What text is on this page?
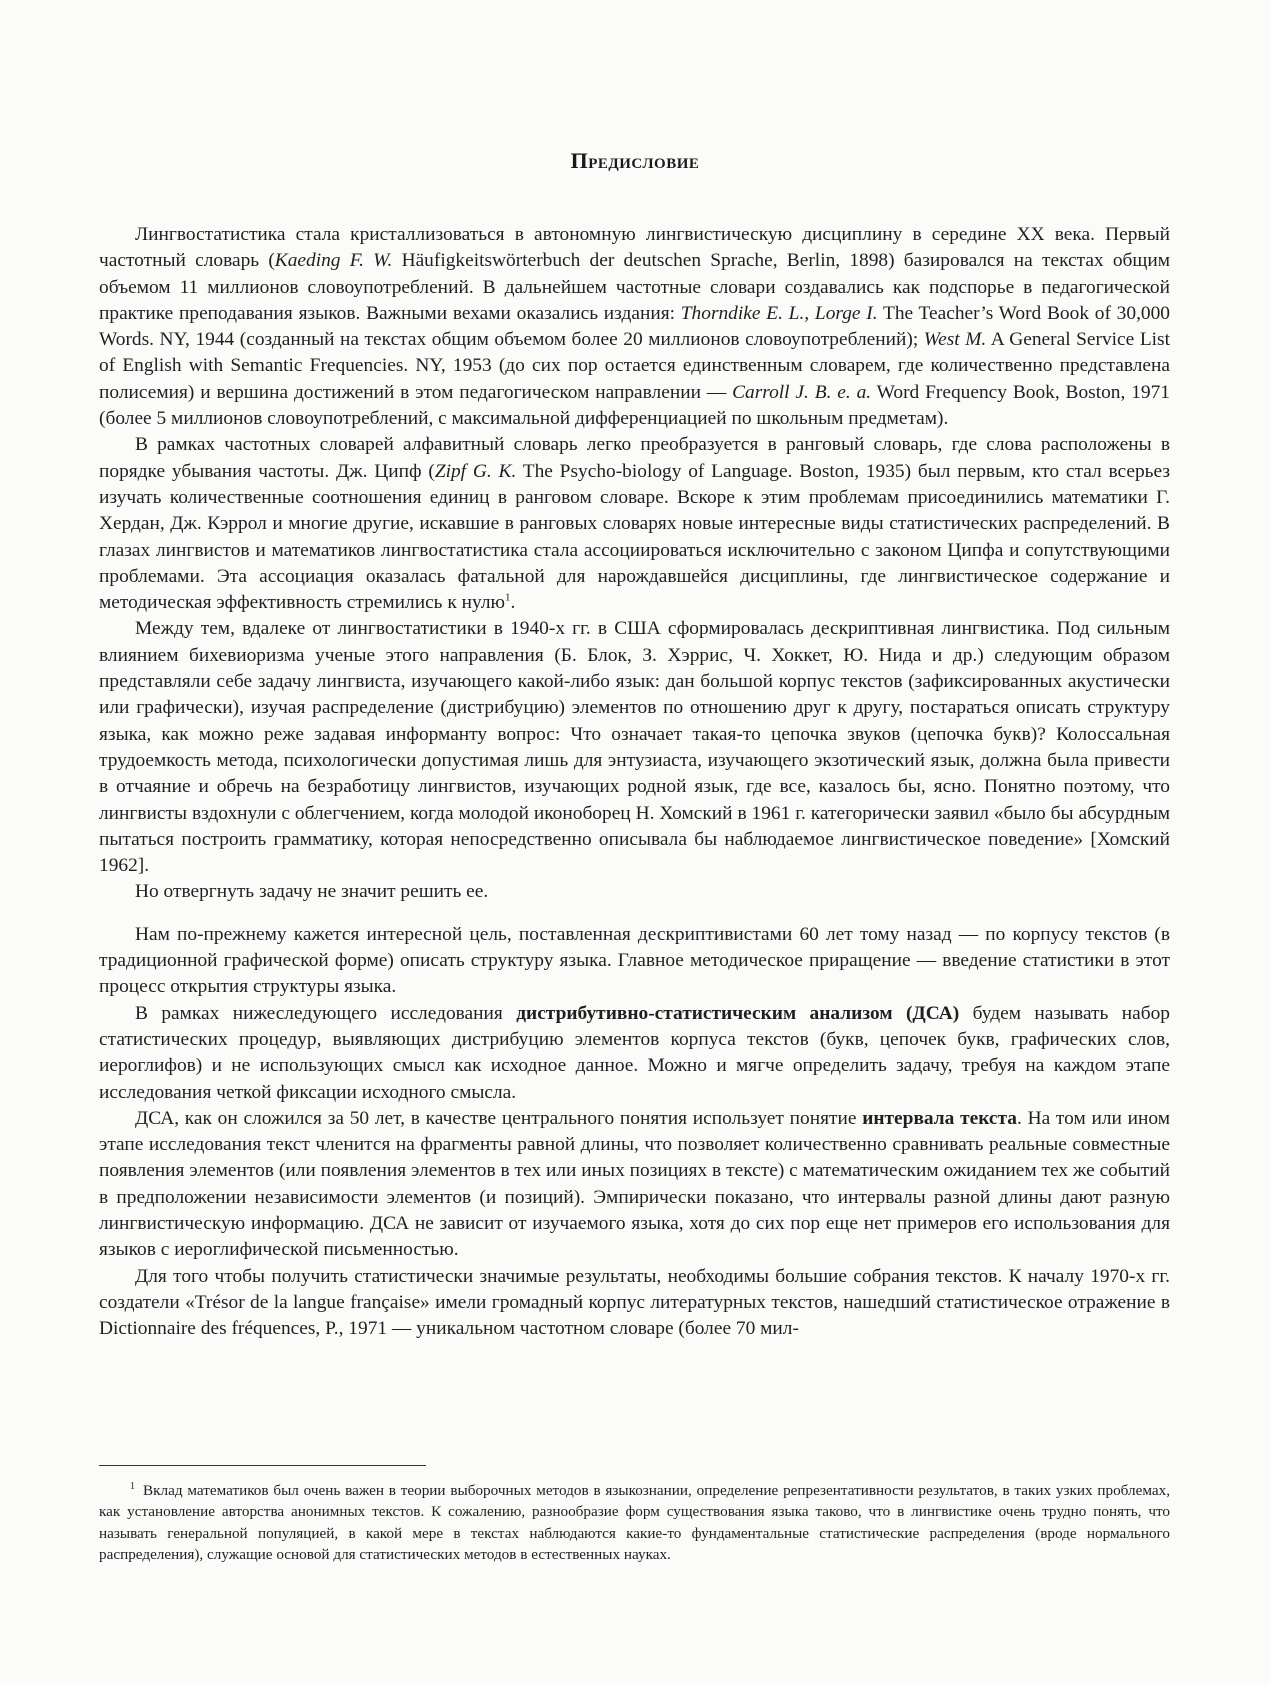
Предисловие

Лингвостатистика стала кристаллизоваться в автономную лингвистическую дисциплину в середине XX века. Первый частотный словарь (Kaeding F. W. Häufigkeitswörterbuch der deutschen Sprache, Berlin, 1898) базировался на текстах общим объемом 11 миллионов словоупотреблений. В дальнейшем частотные словари создавались как подспорье в педагогической практике преподавания языков. Важными вехами оказались издания: Thorndike E. L., Lorge I. The Teacher’s Word Book of 30,000 Words. NY, 1944 (созданный на текстах общим объемом более 20 миллионов словоупотреблений); West M. A General Service List of English with Semantic Frequencies. NY, 1953 (до сих пор остается единственным словарем, где количественно представлена полисемия) и вершина достижений в этом педагогическом направлении — Carroll J. B. e. a. Word Frequency Book, Boston, 1971 (более 5 миллионов словоупотреблений, с максимальной дифференциацией по школьным предметам).

В рамках частотных словарей алфавитный словарь легко преобразуется в ранговый словарь, где слова расположены в порядке убывания частоты. Дж. Ципф (Zipf G. K. The Psycho-biology of Language. Boston, 1935) был первым, кто стал всерьез изучать количественные соотношения единиц в ранговом словаре. Вскоре к этим проблемам присоединились математики Г. Хердан, Дж. Кэррол и многие другие, искавшие в ранговых словарях новые интересные виды статистических распределений. В глазах лингвистов и математиков лингвостатистика стала ассоциироваться исключительно с законом Ципфа и сопутствующими проблемами. Эта ассоциация оказалась фатальной для нарождавшейся дисциплины, где лингвистическое содержание и методическая эффективность стремились к нулю$^1$.

Между тем, вдалеке от лингвостатистики в 1940-х гг. в США сформировалась дескриптивная лингвистика. Под сильным влиянием бихевиоризма ученые этого направления (Б. Блок, З. Хэррис, Ч. Хоккет, Ю. Нида и др.) следующим образом представляли себе задачу лингвиста, изучающего какой-либо язык: дан большой корпус текстов (зафиксированных акустически или графически), изучая распределение (дистрибуцию) элементов по отношению друг к другу, постараться описать структуру языка, как можно реже задавая информанту вопрос: Что означает такая-то цепочка звуков (цепочка букв)? Колоссальная трудоемкость метода, психологически допустимая лишь для энтузиаста, изучающего экзотический язык, должна была привести в отчаяние и обречь на безработицу лингвистов, изучающих родной язык, где все, казалось бы, ясно. Понятно поэтому, что лингвисты вздохнули с облегчением, когда молодой иконоборец Н. Хомский в 1961 г. категорически заявил «было бы абсурдным пытаться построить грамматику, которая непосредственно описывала бы наблюдаемое лингвистическое поведение» [Хомский 1962].

Но отвергнуть задачу не значит решить ее.

Нам по-прежнему кажется интересной цель, поставленная дескриптивистами 60 лет тому назад — по корпусу текстов (в традиционной графической форме) описать структуру языка. Главное методическое приращение — введение статистики в этот процесс открытия структуры языка.

В рамках нижеследующего исследования дистрибутивно-статистическим анализом (ДСА) будем называть набор статистических процедур, выявляющих дистрибуцию элементов корпуса текстов (букв, цепочек букв, графических слов, иероглифов) и не использующих смысл как исходное данное. Можно и мягче определить задачу, требуя на каждом этапе исследования четкой фиксации исходного смысла.

ДСА, как он сложился за 50 лет, в качестве центрального понятия использует понятие интервала текста. На том или ином этапе исследования текст членится на фрагменты равной длины, что позволяет количественно сравнивать реальные совместные появления элементов (или появления элементов в тех или иных позициях в тексте) с математическим ожиданием тех же событий в предположении независимости элементов (и позиций). Эмпирически показано, что интервалы разной длины дают разную лингвистическую информацию. ДСА не зависит от изучаемого языка, хотя до сих пор еще нет примеров его использования для языков с иероглифической письменностью.

Для того чтобы получить статистически значимые результаты, необходимы большие собрания текстов. К началу 1970-х гг. создатели «Trésor de la langue française» имели громадный корпус литературных текстов, нашедший статистическое отражение в Dictionnaire des fréquences, P., 1971 — уникальном частотном словаре (более 70 мил-

$^1$ Вклад математиков был очень важен в теории выборочных методов в языкознании, определение репрезентативности результатов, в таких узких проблемах, как установление авторства анонимных текстов. К сожалению, разнообразие форм существования языка таково, что в лингвистике очень трудно понять, что называть генеральной популяцией, в какой мере в текстах наблюдаются какие-то фундаментальные статистические распределения (вроде нормального распределения), служащие основой для статистических методов в естественных науках.
